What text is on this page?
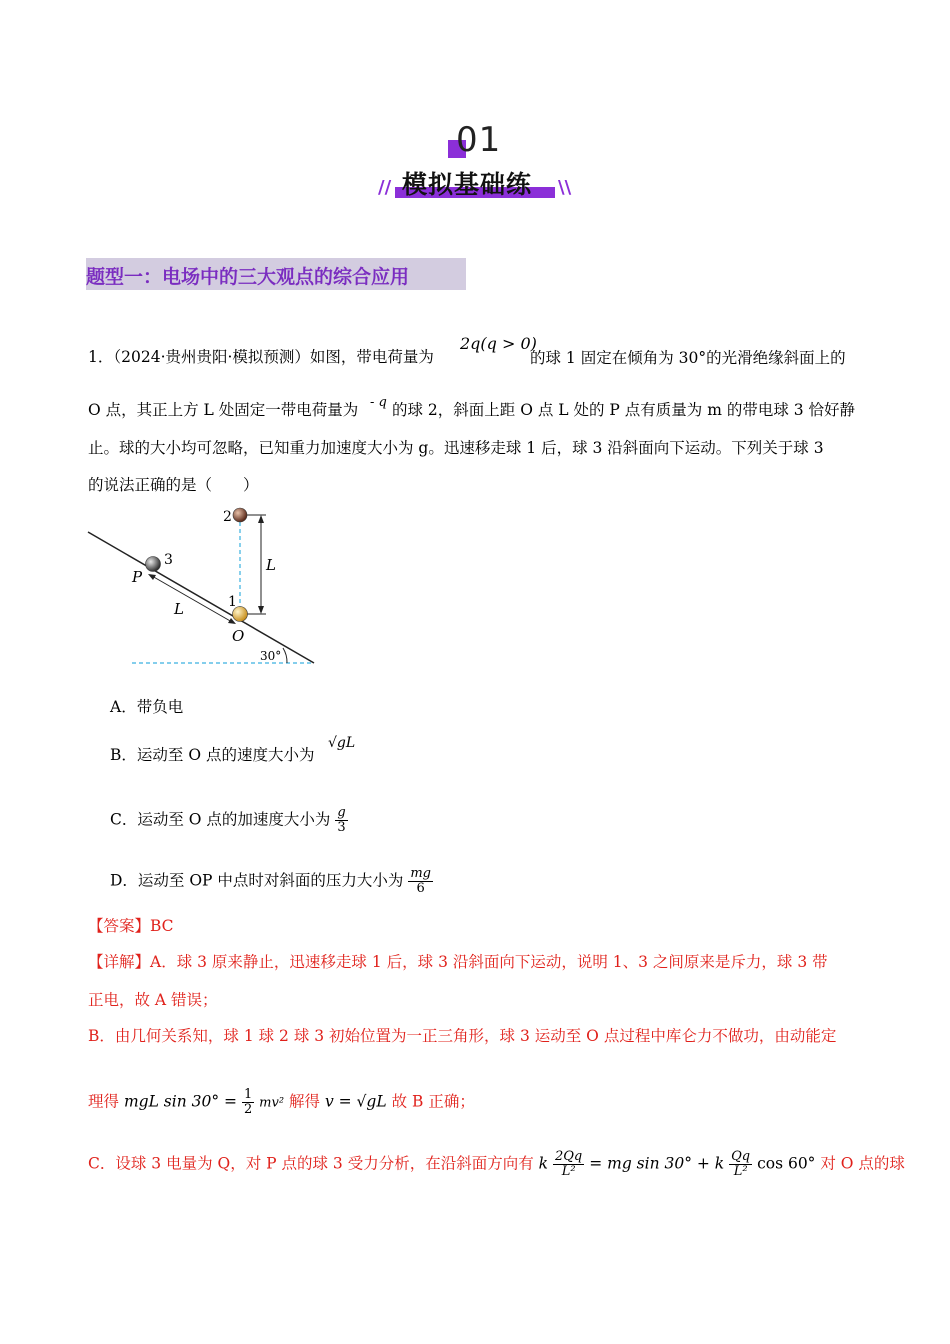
01
// 模拟基础练 \\
题型一：电场中的三大观点的综合应用
1．（2024·贵州贵阳·模拟预测）如图，带电荷量为
2q(q > 0)
的球 1 固定在倾角为 30°的光滑绝缘斜面上的
O 点，其正上方 L 处固定一带电荷量为 - q 的球 2，斜面上距 O 点 L 处的 P 点有质量为 m 的带电球 3 恰好静
止。球的大小均可忽略，已知重力加速度大小为 g。迅速移走球 1 后，球 3 沿斜面向下运动。下列关于球 3
的说法正确的是（　　）
2
1
3
P
O
L
L
30°
A．带负电
B．运动至 O 点的速度大小为
√gL
C．运动至 O 点的加速度大小为 $\frac{g}{3}$
D．运动至 OP 中点时对斜面的压力大小为 $\frac{mg}{6}$
【答案】BC
【详解】A．球 3 原来静止，迅速移走球 1 后，球 3 沿斜面向下运动，说明 1、3 之间原来是斥力，球 3 带
正电，故 A 错误；
B．由几何关系知，球 1 球 2 球 3 初始位置为一正三角形，球 3 运动至 O 点过程中库仑力不做功，由动能定
理得 mgL $\sin 30^\circ = \frac{1}{2} mv^2$ 解得 v = √gL 故 B 正确；
C．设球 3 电量为 Q，对 P 点的球 3 受力分析，在沿斜面方向有 k $\frac{2Qq}{\text{L²}}$ = mg sin 30° + k $\frac{Qq}{\text{L²}}$ cos 60° 对 O 点的球
